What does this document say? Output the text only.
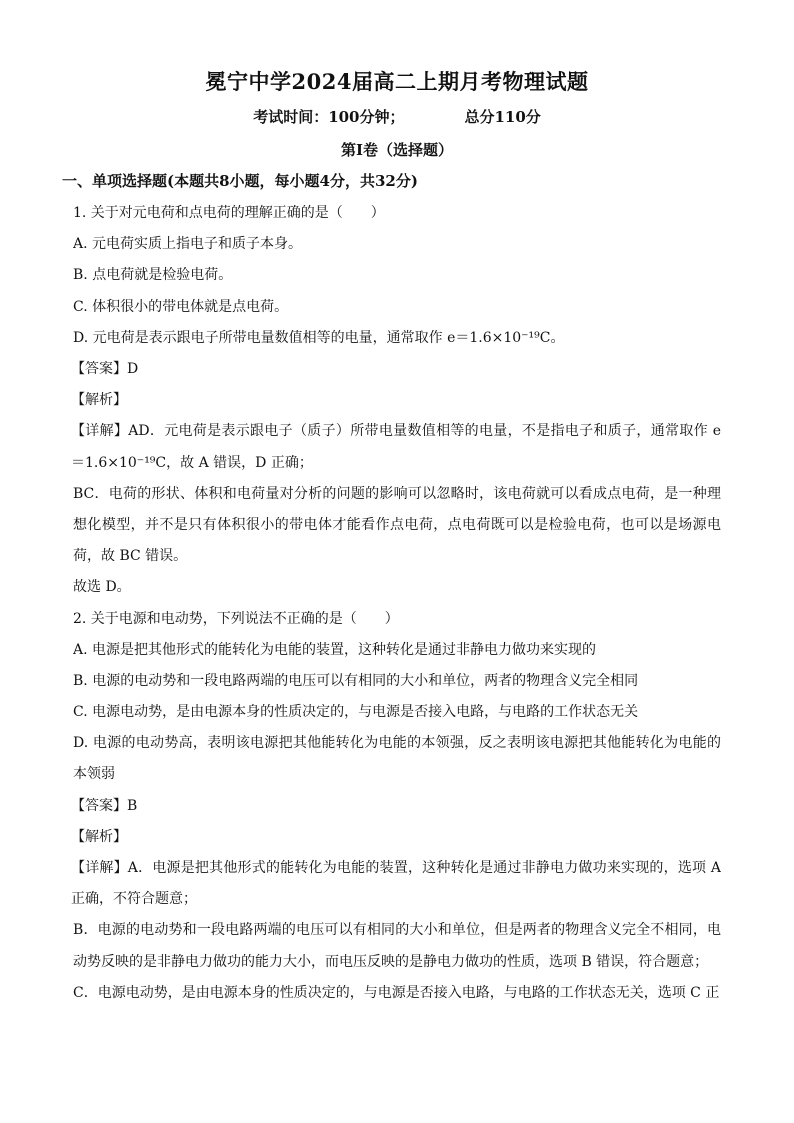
冕宁中学2024届高二上期月考物理试题
考试时间：100分钟；	总分110分
第Ⅰ卷（选择题）
一、单项选择题(本题共8小题，每小题4分，共32分)
1. 关于对元电荷和点电荷的理解正确的是（　　）
A. 元电荷实质上指电子和质子本身。
B. 点电荷就是检验电荷。
C. 体积很小的带电体就是点电荷。
D. 元电荷是表示跟电子所带电量数值相等的电量，通常取作 e＝1.6×10⁻¹⁹C。
【答案】D
【解析】
【详解】AD．元电荷是表示跟电子（质子）所带电量数值相等的电量，不是指电子和质子，通常取作 e＝1.6×10⁻¹⁹C，故 A 错误，D 正确；
BC．电荷的形状、体积和电荷量对分析的问题的影响可以忽略时，该电荷就可以看成点电荷，是一种理想化模型，并不是只有体积很小的带电体才能看作点电荷，点电荷既可以是检验电荷，也可以是场源电荷，故 BC 错误。
故选 D。
2. 关于电源和电动势，下列说法不正确的是（　　）
A. 电源是把其他形式的能转化为电能的装置，这种转化是通过非静电力做功来实现的
B. 电源的电动势和一段电路两端的电压可以有相同的大小和单位，两者的物理含义完全相同
C. 电源电动势，是由电源本身的性质决定的，与电源是否接入电路，与电路的工作状态无关
D. 电源的电动势高，表明该电源把其他能转化为电能的本领强，反之表明该电源把其他能转化为电能的本领弱
【答案】B
【解析】
【详解】A．电源是把其他形式的能转化为电能的装置，这种转化是通过非静电力做功来实现的，选项 A 正确，不符合题意；
B．电源的电动势和一段电路两端的电压可以有相同的大小和单位，但是两者的物理含义完全不相同，电动势反映的是非静电力做功的能力大小，而电压反映的是静电力做功的性质，选项 B 错误，符合题意；
C．电源电动势，是由电源本身的性质决定的，与电源是否接入电路，与电路的工作状态无关，选项 C 正
